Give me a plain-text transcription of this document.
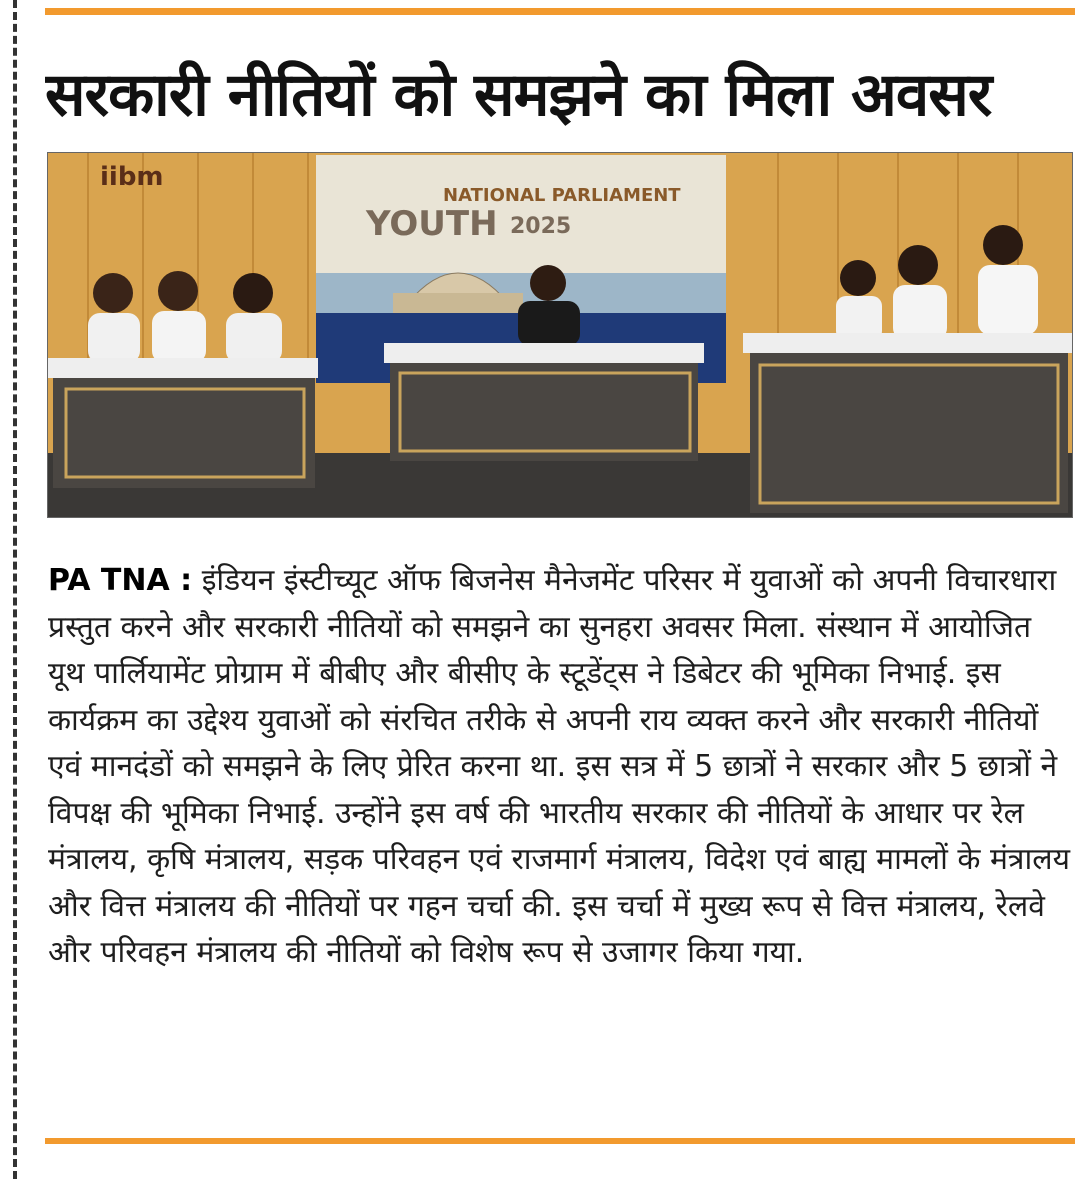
सरकारी नीतियों को समझने का मिला अवसर
iibm
NATIONAL PARLIAMENT
YOUTH 2025

PA TNA : इंडियन इंस्टीच्यूट ऑफ बिजनेस मैनेजमेंट परिसर में युवाओं को अपनी विचारधारा प्रस्तुत करने और सरकारी नीतियों को समझने का सुनहरा अवसर मिला. संस्थान में आयोजित यूथ पार्लियामेंट प्रोग्राम में बीबीए और बीसीए के स्टूडेंट्स ने डिबेटर की भूमिका निभाई. इस कार्यक्रम का उद्देश्य युवाओं को संरचित तरीके से अपनी राय व्यक्त करने और सरकारी नीतियों एवं मानदंडों को समझने के लिए प्रेरित करना था. इस सत्र में 5 छात्रों ने सरकार और 5 छात्रों ने विपक्ष की भूमिका निभाई. उन्होंने इस वर्ष की भारतीय सरकार की नीतियों के आधार पर रेल मंत्रालय, कृषि मंत्रालय, सड़क परिवहन एवं राजमार्ग मंत्रालय, विदेश एवं बाह्य मामलों के मंत्रालय और वित्त मंत्रालय की नीतियों पर गहन चर्चा की. इस चर्चा में मुख्य रूप से वित्त मंत्रालय, रेलवे और परिवहन मंत्रालय की नीतियों को विशेष रूप से उजागर किया गया.
